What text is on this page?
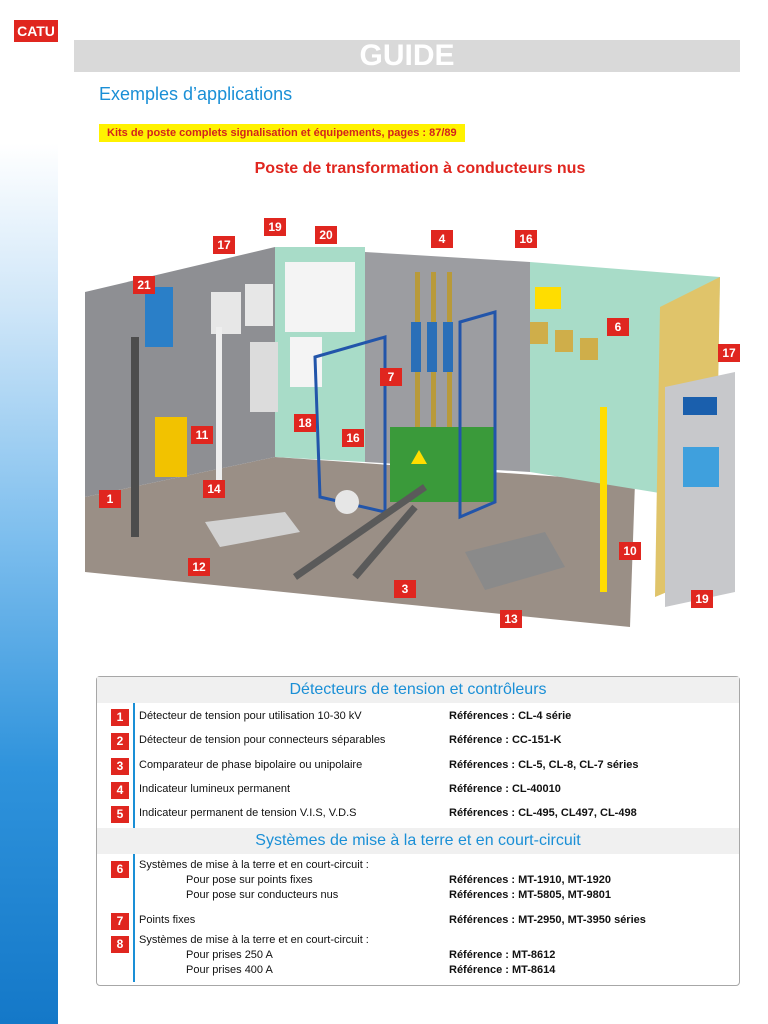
CATU
GUIDE
Exemples d’applications
Kits de poste complets signalisation et équipements, pages : 87/89
Poste de transformation à conducteurs nus
19
17
20	4	16
21
6
17
7
11	16
18
1
14
12
3
13
10
19
Détecteurs de tension et contrôleurs
1	Détecteur de tension pour utilisation 10-30 kV	Références : CL-4 série
2	Détecteur de tension pour connecteurs séparables	Référence : CC-151-K
3	Comparateur de phase bipolaire ou unipolaire	Références : CL-5, CL-8, CL-7 séries
4	Indicateur lumineux permanent	Référence : CL-40010
5	Indicateur permanent de tension V.I.S, V.D.S	Références : CL-495, CL497, CL-498
Systèmes de mise à la terre et en court-circuit
6	Systèmes de mise à la terre et en court-circuit :
Pour pose sur points fixes	Références : MT-1910, MT-1920
Pour pose sur conducteurs nus	Références : MT-5805, MT-9801
7	Points fixes	Références : MT-2950, MT-3950 séries
8	Systèmes de mise à la terre et en court-circuit :
Pour prises 250 A	Référence : MT-8612
Pour prises 400 A	Référence : MT-8614
